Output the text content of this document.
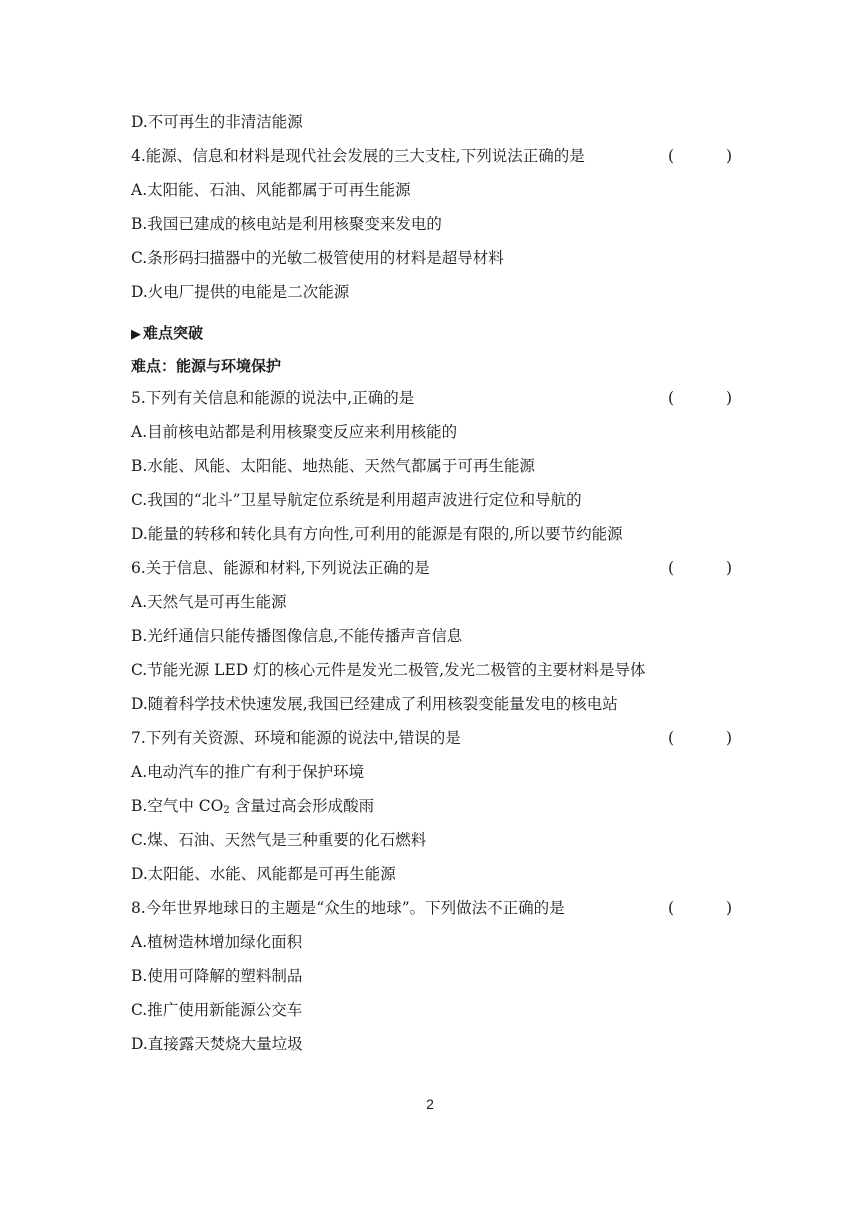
D.不可再生的非清洁能源
4.能源、信息和材料是现代社会发展的三大支柱,下列说法正确的是	(	)
A.太阳能、石油、风能都属于可再生能源
B.我国已建成的核电站是利用核聚变来发电的
C.条形码扫描器中的光敏二极管使用的材料是超导材料
D.火电厂提供的电能是二次能源
▶ 难点突破
难点：能源与环境保护
5.下列有关信息和能源的说法中,正确的是	(	)
A.目前核电站都是利用核聚变反应来利用核能的
B.水能、风能、太阳能、地热能、天然气都属于可再生能源
C.我国的“北斗”卫星导航定位系统是利用超声波进行定位和导航的
D.能量的转移和转化具有方向性,可利用的能源是有限的,所以要节约能源
6.关于信息、能源和材料,下列说法正确的是	(	)
A.天然气是可再生能源
B.光纤通信只能传播图像信息,不能传播声音信息
C.节能光源 LED 灯的核心元件是发光二极管,发光二极管的主要材料是导体
D.随着科学技术快速发展,我国已经建成了利用核裂变能量发电的核电站
7.下列有关资源、环境和能源的说法中,错误的是	(	)
A.电动汽车的推广有利于保护环境
B.空气中 $CO_2$ 含量过高会形成酸雨
C.煤、石油、天然气是三种重要的化石燃料
D.太阳能、水能、风能都是可再生能源
8.今年世界地球日的主题是“众生的地球”。下列做法不正确的是	(	)
A.植树造林增加绿化面积
B.使用可降解的塑料制品
C.推广使用新能源公交车
D.直接露天焚烧大量垃圾
2
